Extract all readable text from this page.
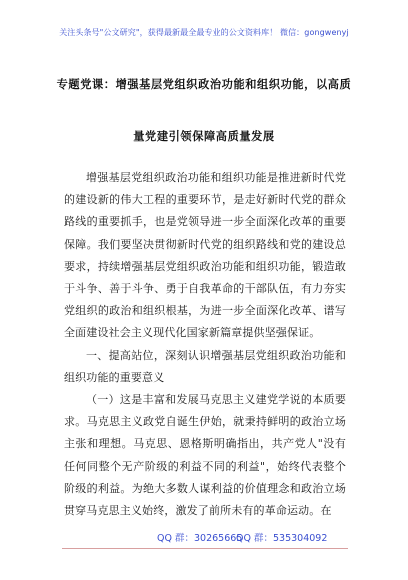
关注头条号"公文研究"，获得最新最全最专业的公文资料库！ 微信：gongwenyj
专题党课：增强基层党组织政治功能和组织功能，以高质
量党建引领保障高质量发展

增强基层党组织政治功能和组织功能是推进新时代党的建设新的伟大工程的重要环节，是走好新时代党的群众路线的重要抓手，也是党领导进一步全面深化改革的重要保障。我们要坚决贯彻新时代党的组织路线和党的建设总要求，持续增强基层党组织政治功能和组织功能，锻造敢于斗争、善于斗争、勇于自我革命的干部队伍，有力夯实党组织的政治和组织根基，为进一步全面深化改革、谱写全面建设社会主义现代化国家新篇章提供坚强保证。

一、提高站位，深刻认识增强基层党组织政治功能和组织功能的重要意义

（一）这是丰富和发展马克思主义建党学说的本质要求。马克思主义政党自诞生伊始，就秉持鲜明的政治立场主张和理想。马克思、恩格斯明确指出，共产党人"没有任何同整个无产阶级的利益不同的利益"，始终代表整个阶级的利益。为绝大多数人谋利益的价值理念和政治立场贯穿马克思主义始终，激发了前所未有的革命运动。在

QQ 群：30265665
QQ 群：535304092
